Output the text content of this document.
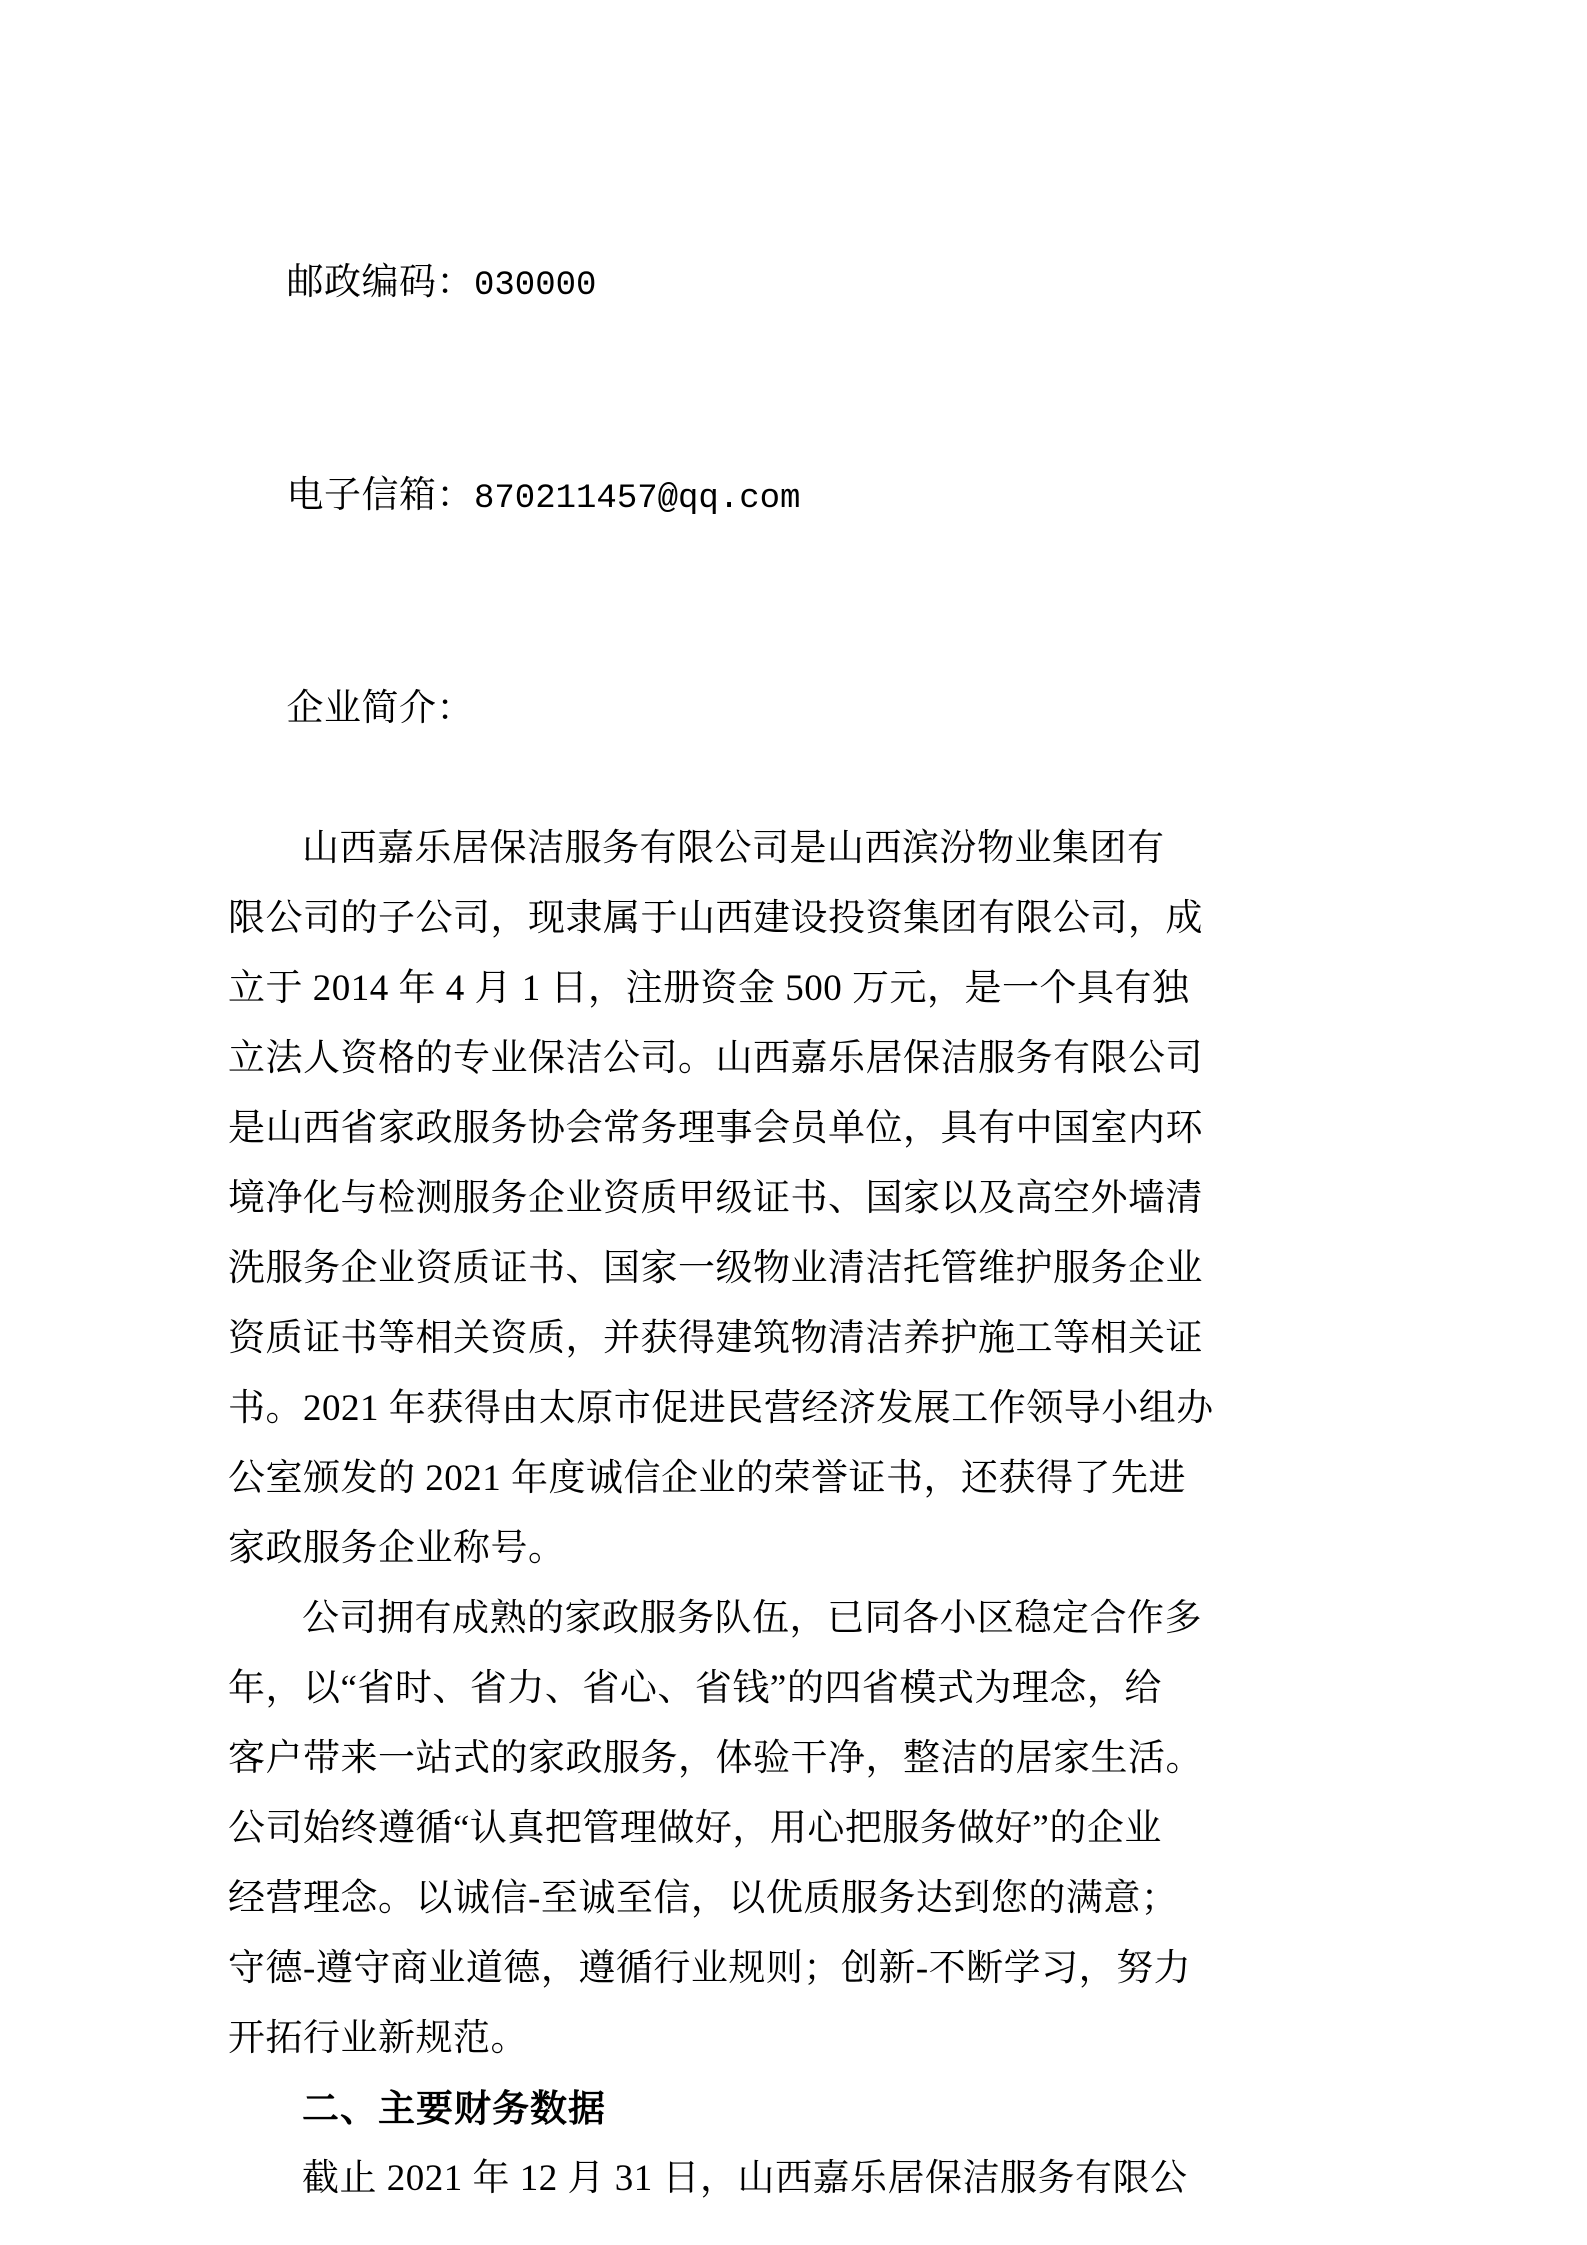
邮政编码：030000

电子信箱：870211457@qq.com

企业简介：

山西嘉乐居保洁服务有限公司是山西滨汾物业集团有
限公司的子公司，现隶属于山西建设投资集团有限公司，成
立于 2014 年 4 月 1 日，注册资金 500 万元，是一个具有独
立法人资格的专业保洁公司。山西嘉乐居保洁服务有限公司
是山西省家政服务协会常务理事会员单位，具有中国室内环
境净化与检测服务企业资质甲级证书、国家以及高空外墙清
洗服务企业资质证书、国家一级物业清洁托管维护服务企业
资质证书等相关资质，并获得建筑物清洁养护施工等相关证
书。2021 年获得由太原市促进民营经济发展工作领导小组办
公室颁发的 2021 年度诚信企业的荣誉证书，还获得了先进
家政服务企业称号。
公司拥有成熟的家政服务队伍，已同各小区稳定合作多
年，以“省时、省力、省心、省钱”的四省模式为理念，给
客户带来一站式的家政服务，体验干净，整洁的居家生活。
公司始终遵循“认真把管理做好，用心把服务做好”的企业
经营理念。以诚信-至诚至信，以优质服务达到您的满意；
守德-遵守商业道德，遵循行业规则；创新-不断学习，努力
开拓行业新规范。
二、主要财务数据
截止 2021 年 12 月 31 日，山西嘉乐居保洁服务有限公
